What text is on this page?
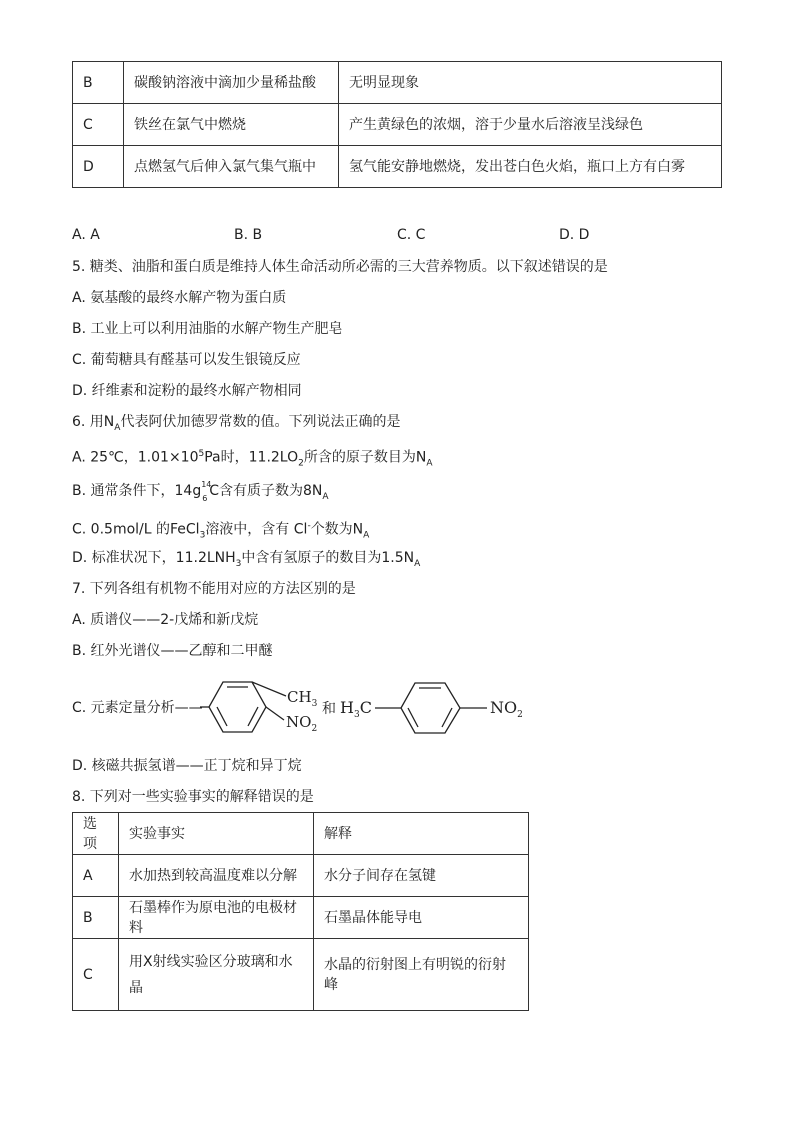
B	碳酸钠溶液中滴加少量稀盐酸	无明显现象
C	铁丝在氯气中燃烧	产生黄绿色的浓烟，溶于少量水后溶液呈浅绿色
D	点燃氢气后伸入氯气集气瓶中	氢气能安静地燃烧，发出苍白色火焰，瓶口上方有白雾
A. A	B. B	C. C	D. D
5. 糖类、油脂和蛋白质是维持人体生命活动所必需的三大营养物质。以下叙述错误的是
A. 氨基酸的最终水解产物为蛋白质
B. 工业上可以利用油脂的水解产物生产肥皂
C. 葡萄糖具有醛基可以发生银镜反应
D. 纤维素和淀粉的最终水解产物相同
6. 用$N_A$代表阿伏加德罗常数的值。下列说法正确的是
A. 25℃，$1.01\times 10^5Pa$时，$11.2LO_2$所含的原子数目为$N_A$
B. 通常条件下，14g 14
6 C含有质子数为$8N_A$
C. 0.5mol/L 的FeCl$_3$溶液中，含有 Cl-个数为$N_A$
D. 标准状况下，$11.2LNH_3$中含有氢原子的数目为$1.5N_A$
7. 下列各组有机物不能用对应的方法区别的是
A. 质谱仪——2-戊烯和新戊烷
B. 红外光谱仪——乙醇和二甲醚
C. 元素定量分析——
$CH_3$
$NO_2$
和 $H_3C$	$NO_2$
D. 核磁共振氢谱——正丁烷和异丁烷
8. 下列对一些实验事实的解释错误的是
选项	实验事实	解释
A	水加热到较高温度难以分解	水分子间存在氢键
B	石墨棒作为原电池的电极材料	石墨晶体能导电
C	用X射线实验区分玻璃和水晶	水晶的衍射图上有明锐的衍射峰
